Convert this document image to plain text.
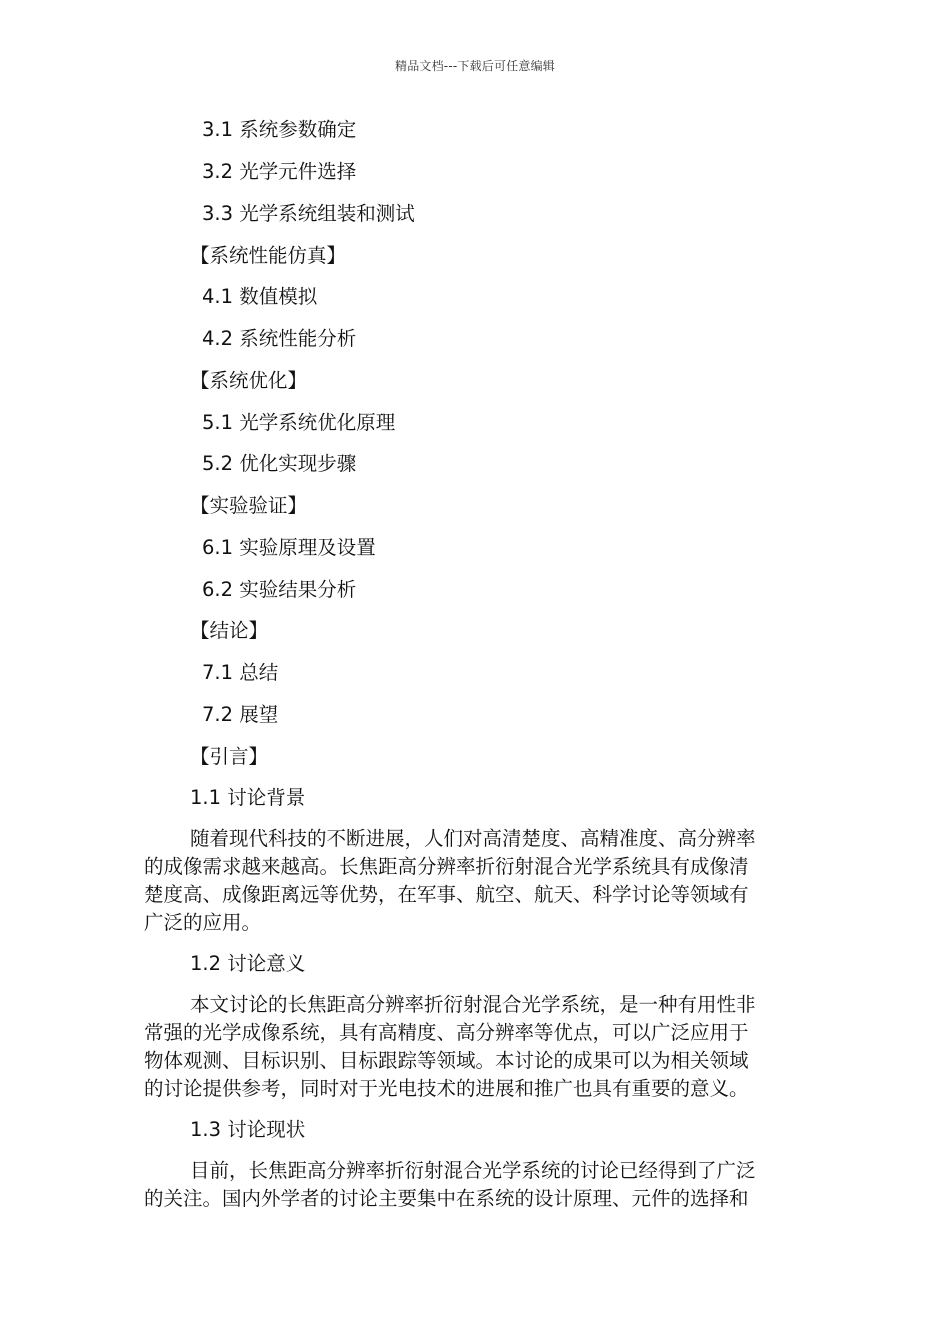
精品文档---下载后可任意编辑
3.1 系统参数确定
3.2 光学元件选择
3.3 光学系统组装和测试
【系统性能仿真】
4.1 数值模拟
4.2 系统性能分析
【系统优化】
5.1 光学系统优化原理
5.2 优化实现步骤
【实验验证】
6.1 实验原理及设置
6.2 实验结果分析
【结论】
7.1 总结
7.2 展望
【引言】
1.1 讨论背景
随着现代科技的不断进展，人们对高清楚度、高精准度、高分辨率
的成像需求越来越高。长焦距高分辨率折衍射混合光学系统具有成像清
楚度高、成像距离远等优势，在军事、航空、航天、科学讨论等领域有
广泛的应用。
1.2 讨论意义
本文讨论的长焦距高分辨率折衍射混合光学系统，是一种有用性非
常强的光学成像系统，具有高精度、高分辨率等优点，可以广泛应用于
物体观测、目标识别、目标跟踪等领域。本讨论的成果可以为相关领域
的讨论提供参考，同时对于光电技术的进展和推广也具有重要的意义。
1.3 讨论现状
目前，长焦距高分辨率折衍射混合光学系统的讨论已经得到了广泛
的关注。国内外学者的讨论主要集中在系统的设计原理、元件的选择和
